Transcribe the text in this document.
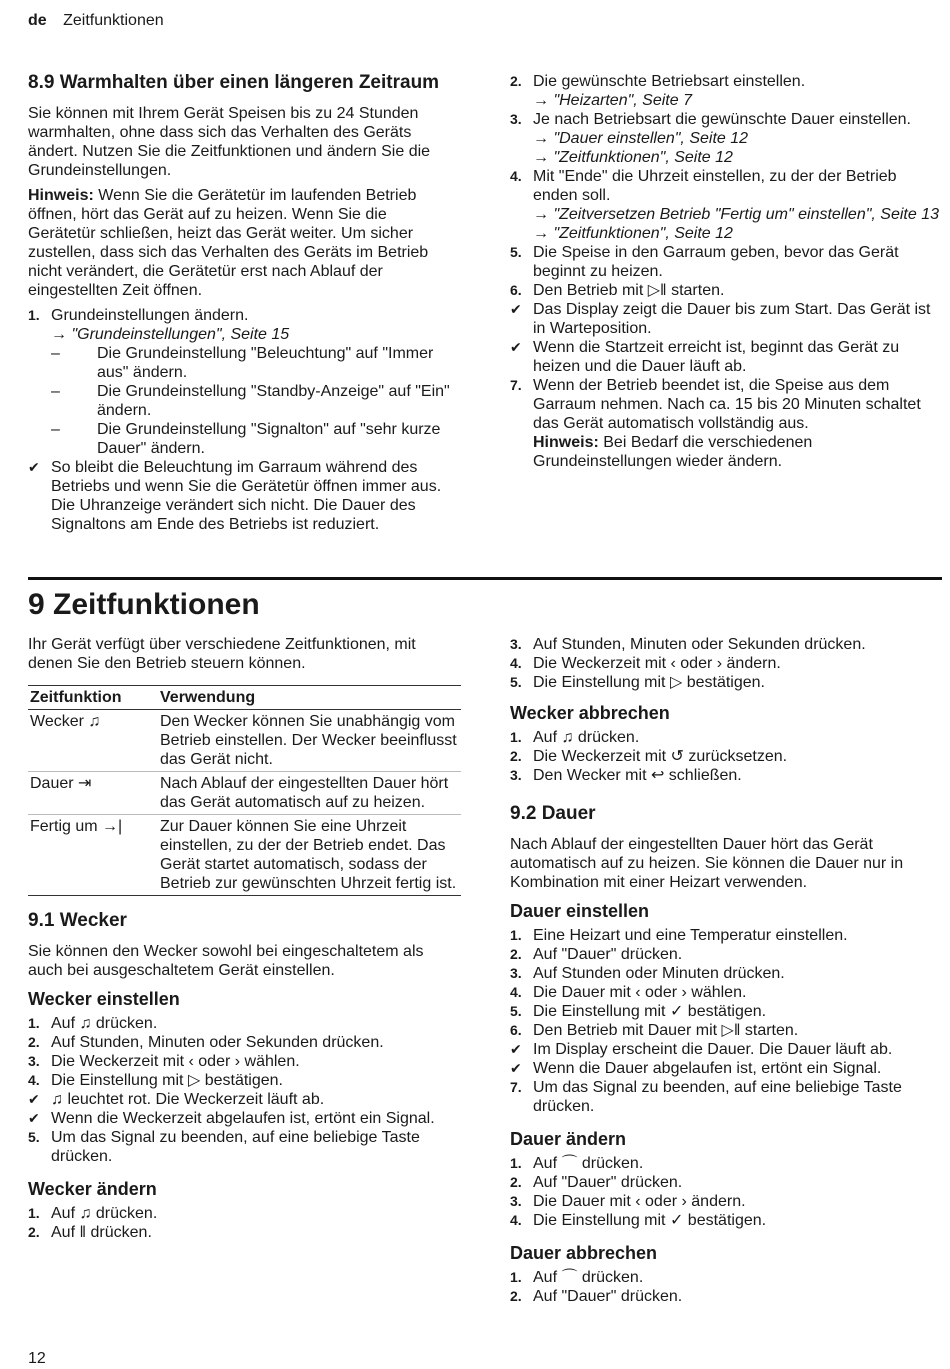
de Zeitfunktionen
8.9 Warmhalten über einen längeren Zeitraum
Sie können mit Ihrem Gerät Speisen bis zu 24 Stunden warmhalten, ohne dass sich das Verhalten des Geräts ändert. Nutzen Sie die Zeitfunktionen und ändern Sie die Grundeinstellungen.
Hinweis: Wenn Sie die Gerätetür im laufenden Betrieb öffnen, hört das Gerät auf zu heizen. Wenn Sie die Gerätetür schließen, heizt das Gerät weiter. Um sicher zustellen, dass sich das Verhalten des Geräts im Betrieb nicht verändert, die Gerätetür erst nach Ablauf der eingestellten Zeit öffnen.
1. Grundeinstellungen ändern.
→ "Grundeinstellungen", Seite 15
–	Die Grundeinstellung "Beleuchtung" auf "Immer aus" ändern.
–	Die Grundeinstellung "Standby-Anzeige" auf "Ein" ändern.
–	Die Grundeinstellung "Signalton" auf "sehr kurze Dauer" ändern.
✔ So bleibt die Beleuchtung im Garraum während des Betriebs und wenn Sie die Gerätetür öffnen immer aus. Die Uhranzeige verändert sich nicht. Die Dauer des Signaltons am Ende des Betriebs ist reduziert.
2. Die gewünschte Betriebsart einstellen.
→ "Heizarten", Seite 7
3. Je nach Betriebsart die gewünschte Dauer einstellen.
→ "Dauer einstellen", Seite 12
→ "Zeitfunktionen", Seite 12
4. Mit "Ende" die Uhrzeit einstellen, zu der der Betrieb enden soll.
→ "Zeitversetzen Betrieb "Fertig um" einstellen", Seite 13
→ "Zeitfunktionen", Seite 12
5. Die Speise in den Garraum geben, bevor das Gerät beginnt zu heizen.
6. Den Betrieb mit ▷‖ starten.
✔ Das Display zeigt die Dauer bis zum Start. Das Gerät ist in Warteposition.
✔ Wenn die Startzeit erreicht ist, beginnt das Gerät zu heizen und die Dauer läuft ab.
7. Wenn der Betrieb beendet ist, die Speise aus dem Garraum nehmen. Nach ca. 15 bis 20 Minuten schaltet das Gerät automatisch vollständig aus.
Hinweis: Bei Bedarf die verschiedenen Grundeinstellungen wieder ändern.
9 Zeitfunktionen
Ihr Gerät verfügt über verschiedene Zeitfunktionen, mit denen Sie den Betrieb steuern können.
Zeitfunktion	Verwendung
Wecker ♫	Den Wecker können Sie unabhängig vom Betrieb einstellen. Der Wecker beeinflusst das Gerät nicht.
Dauer ⇥	Nach Ablauf der eingestellten Dauer hört das Gerät automatisch auf zu heizen.
Fertig um →|	Zur Dauer können Sie eine Uhrzeit einstellen, zu der der Betrieb endet. Das Gerät startet automatisch, sodass der Betrieb zur gewünschten Uhrzeit fertig ist.
9.1 Wecker
Sie können den Wecker sowohl bei eingeschaltetem als auch bei ausgeschaltetem Gerät einstellen.
Wecker einstellen
1. Auf ♫ drücken.
2. Auf Stunden, Minuten oder Sekunden drücken.
3. Die Weckerzeit mit ‹ oder › wählen.
4. Die Einstellung mit ▷ bestätigen.
✔ ♫ leuchtet rot. Die Weckerzeit läuft ab.
✔ Wenn die Weckerzeit abgelaufen ist, ertönt ein Signal.
5. Um das Signal zu beenden, auf eine beliebige Taste drücken.
Wecker ändern
1. Auf ♫ drücken.
2. Auf ‖ drücken.
3. Auf Stunden, Minuten oder Sekunden drücken.
4. Die Weckerzeit mit ‹ oder › ändern.
5. Die Einstellung mit ▷ bestätigen.
Wecker abbrechen
1. Auf ♫ drücken.
2. Die Weckerzeit mit ↺ zurücksetzen.
3. Den Wecker mit ↩ schließen.
9.2 Dauer
Nach Ablauf der eingestellten Dauer hört das Gerät automatisch auf zu heizen. Sie können die Dauer nur in Kombination mit einer Heizart verwenden.
Dauer einstellen
1. Eine Heizart und eine Temperatur einstellen.
2. Auf "Dauer" drücken.
3. Auf Stunden oder Minuten drücken.
4. Die Dauer mit ‹ oder › wählen.
5. Die Einstellung mit ✓ bestätigen.
6. Den Betrieb mit Dauer mit ▷‖ starten.
✔ Im Display erscheint die Dauer. Die Dauer läuft ab.
✔ Wenn die Dauer abgelaufen ist, ertönt ein Signal.
7. Um das Signal zu beenden, auf eine beliebige Taste drücken.
Dauer ändern
1. Auf ⌒ drücken.
2. Auf "Dauer" drücken.
3. Die Dauer mit ‹ oder › ändern.
4. Die Einstellung mit ✓ bestätigen.
Dauer abbrechen
1. Auf ⌒ drücken.
2. Auf "Dauer" drücken.
12
